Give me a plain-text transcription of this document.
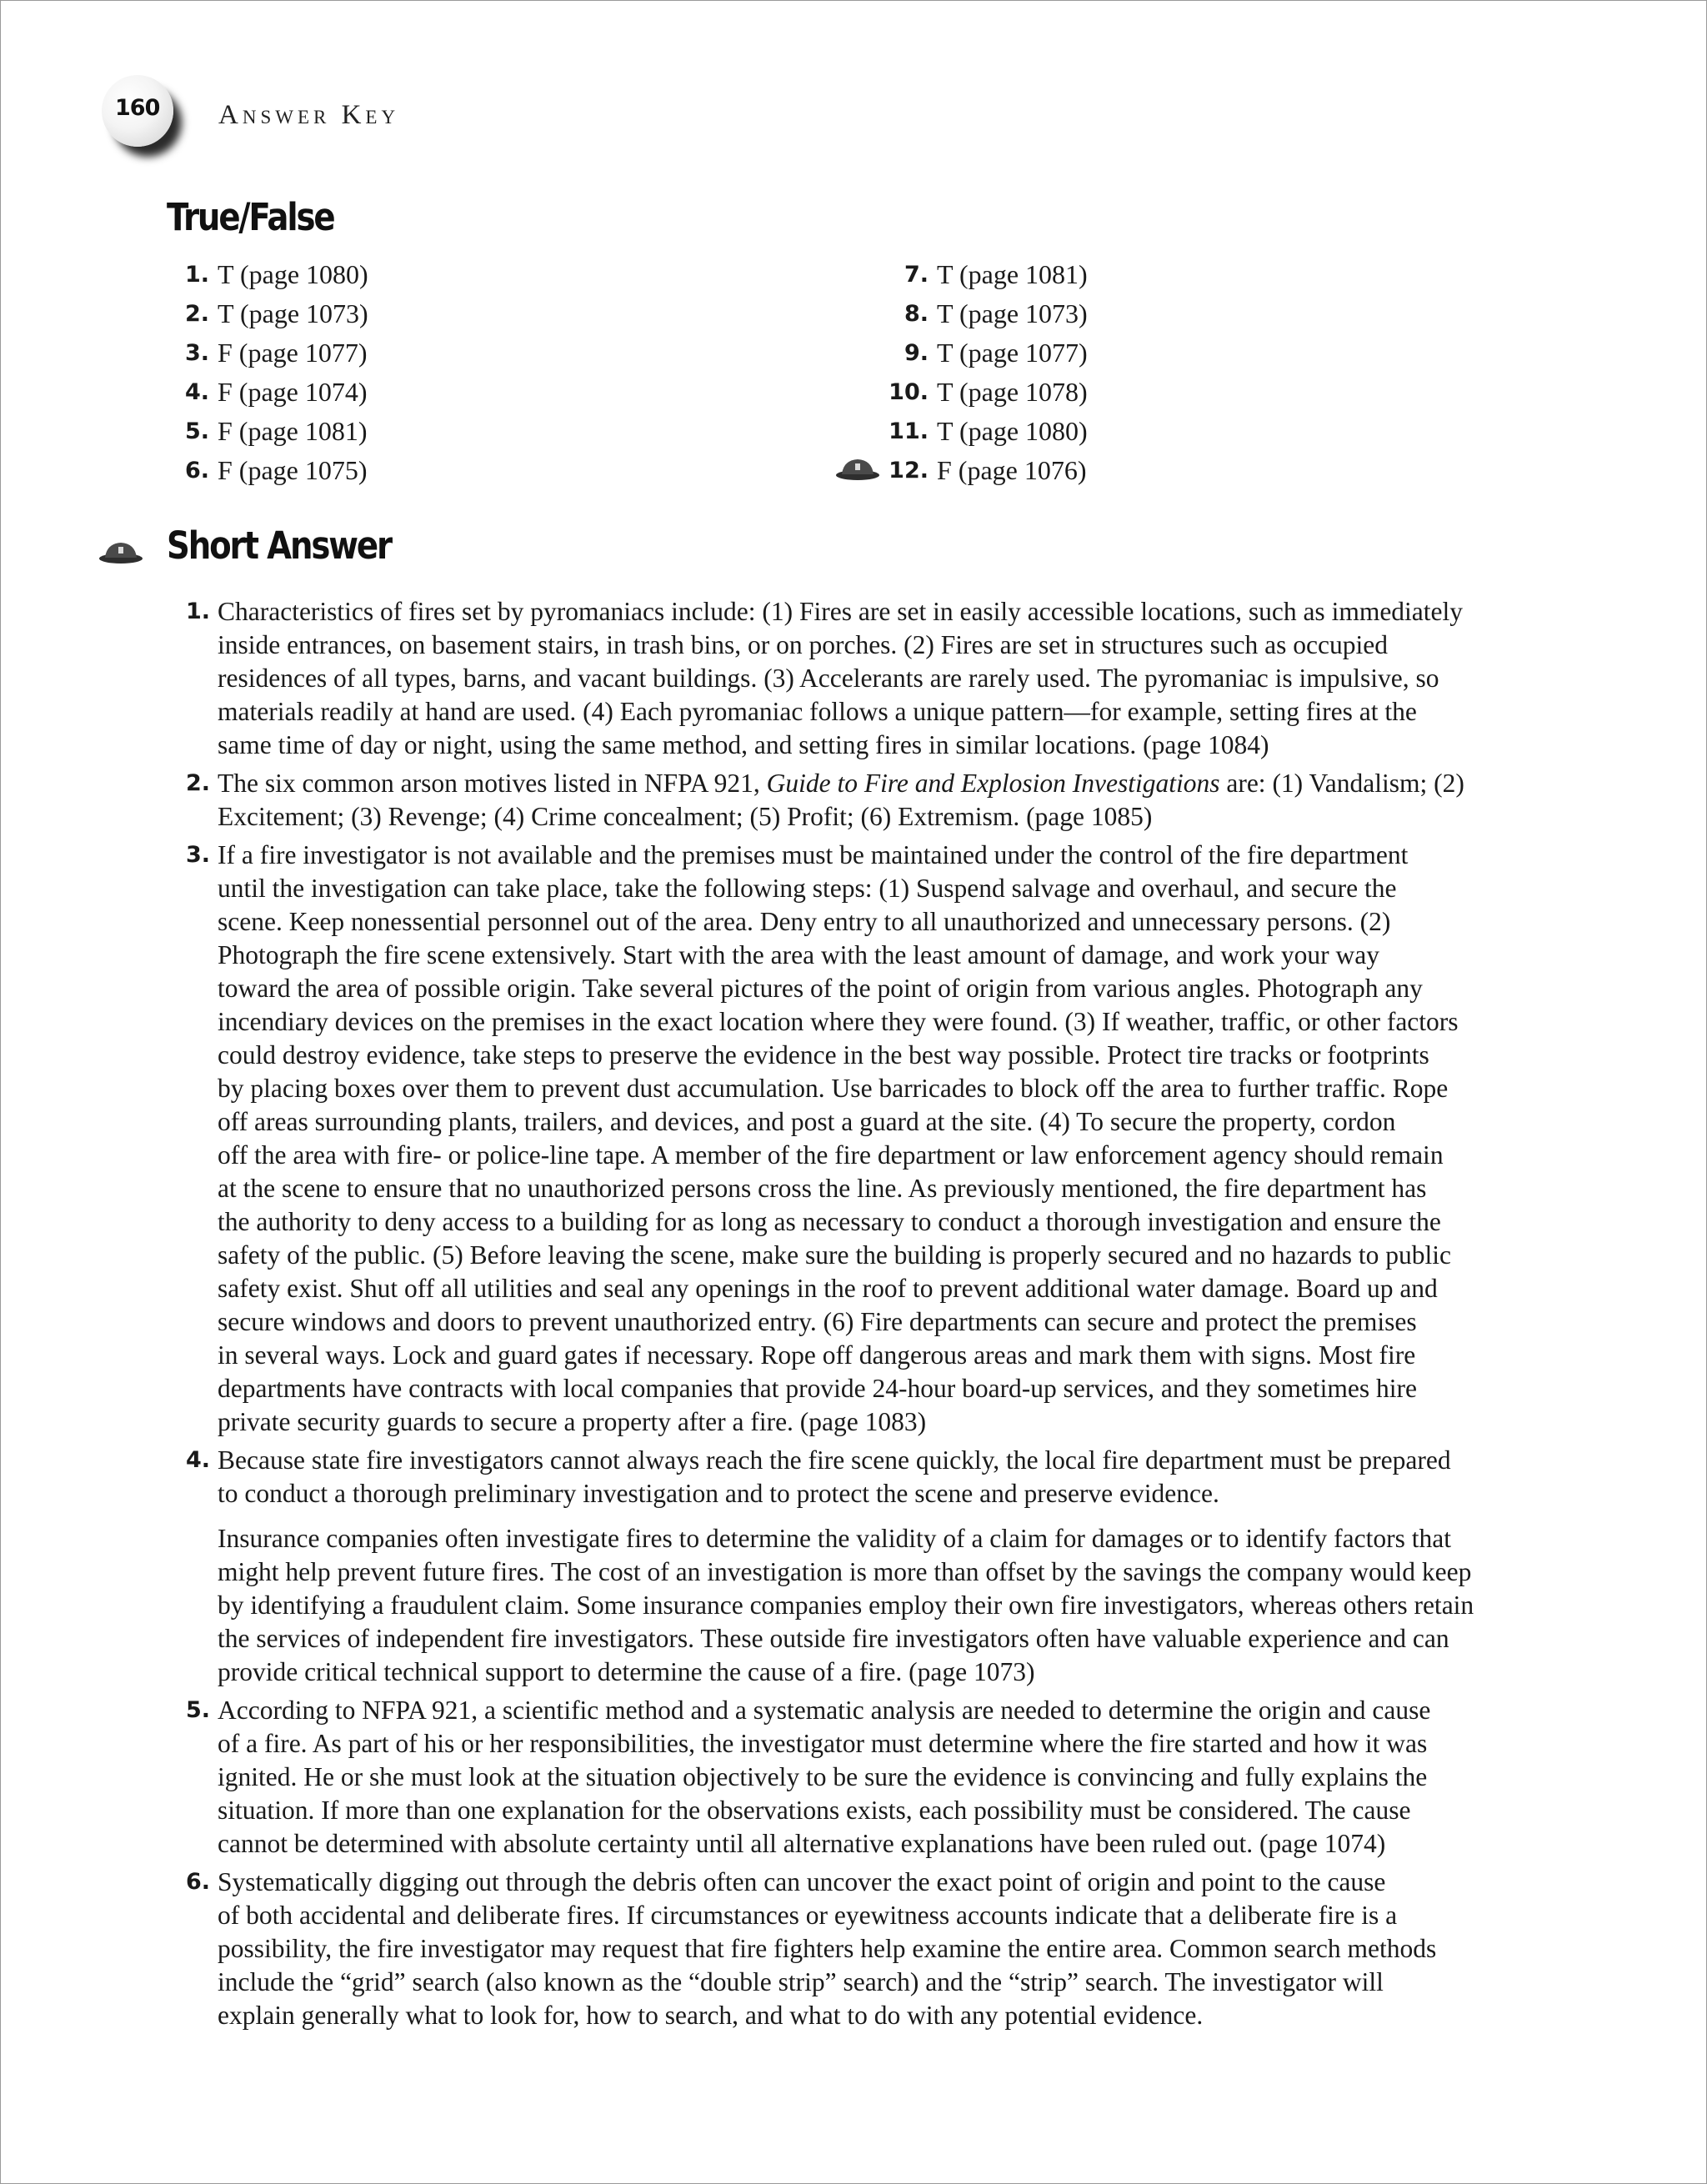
160	Answer Key
True/False
1. T (page 1080)
2. T (page 1073)
3. F (page 1077)
4. F (page 1074)
5. F (page 1081)
6. F (page 1075)
7. T (page 1081)
8. T (page 1073)
9. T (page 1077)
10. T (page 1078)
11. T (page 1080)
12. F (page 1076)
Short Answer
1. Characteristics of fires set by pyromaniacs include: (1) Fires are set in easily accessible locations, such as immediately
inside entrances, on basement stairs, in trash bins, or on porches. (2) Fires are set in structures such as occupied
residences of all types, barns, and vacant buildings. (3) Accelerants are rarely used. The pyromaniac is impulsive, so
materials readily at hand are used. (4) Each pyromaniac follows a unique pattern—for example, setting fires at the
same time of day or night, using the same method, and setting fires in similar locations. (page 1084)
2. The six common arson motives listed in NFPA 921, Guide to Fire and Explosion Investigations are: (1) Vandalism; (2)
Excitement; (3) Revenge; (4) Crime concealment; (5) Profit; (6) Extremism. (page 1085)
3. If a fire investigator is not available and the premises must be maintained under the control of the fire department
until the investigation can take place, take the following steps: (1) Suspend salvage and overhaul, and secure the
scene. Keep nonessential personnel out of the area. Deny entry to all unauthorized and unnecessary persons. (2)
Photograph the fire scene extensively. Start with the area with the least amount of damage, and work your way
toward the area of possible origin. Take several pictures of the point of origin from various angles. Photograph any
incendiary devices on the premises in the exact location where they were found. (3) If weather, traffic, or other factors
could destroy evidence, take steps to preserve the evidence in the best way possible. Protect tire tracks or footprints
by placing boxes over them to prevent dust accumulation. Use barricades to block off the area to further traffic. Rope
off areas surrounding plants, trailers, and devices, and post a guard at the site. (4) To secure the property, cordon
off the area with fire- or police-line tape. A member of the fire department or law enforcement agency should remain
at the scene to ensure that no unauthorized persons cross the line. As previously mentioned, the fire department has
the authority to deny access to a building for as long as necessary to conduct a thorough investigation and ensure the
safety of the public. (5) Before leaving the scene, make sure the building is properly secured and no hazards to public
safety exist. Shut off all utilities and seal any openings in the roof to prevent additional water damage. Board up and
secure windows and doors to prevent unauthorized entry. (6) Fire departments can secure and protect the premises
in several ways. Lock and guard gates if necessary. Rope off dangerous areas and mark them with signs. Most fire
departments have contracts with local companies that provide 24-hour board-up services, and they sometimes hire
private security guards to secure a property after a fire. (page 1083)
4. Because state fire investigators cannot always reach the fire scene quickly, the local fire department must be prepared
to conduct a thorough preliminary investigation and to protect the scene and preserve evidence.
Insurance companies often investigate fires to determine the validity of a claim for damages or to identify factors that
might help prevent future fires. The cost of an investigation is more than offset by the savings the company would keep
by identifying a fraudulent claim. Some insurance companies employ their own fire investigators, whereas others retain
the services of independent fire investigators. These outside fire investigators often have valuable experience and can
provide critical technical support to determine the cause of a fire. (page 1073)
5. According to NFPA 921, a scientific method and a systematic analysis are needed to determine the origin and cause
of a fire. As part of his or her responsibilities, the investigator must determine where the fire started and how it was
ignited. He or she must look at the situation objectively to be sure the evidence is convincing and fully explains the
situation. If more than one explanation for the observations exists, each possibility must be considered. The cause
cannot be determined with absolute certainty until all alternative explanations have been ruled out. (page 1074)
6. Systematically digging out through the debris often can uncover the exact point of origin and point to the cause
of both accidental and deliberate fires. If circumstances or eyewitness accounts indicate that a deliberate fire is a
possibility, the fire investigator may request that fire fighters help examine the entire area. Common search methods
include the “grid” search (also known as the “double strip” search) and the “strip” search. The investigator will
explain generally what to look for, how to search, and what to do with any potential evidence.
